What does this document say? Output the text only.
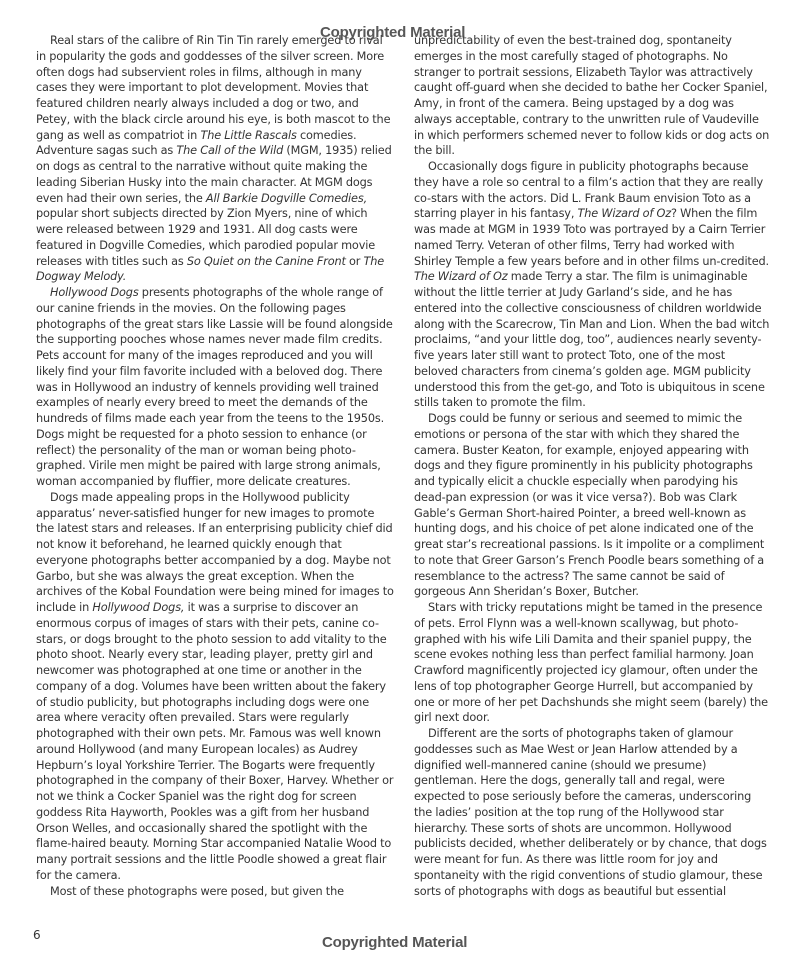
Real stars of the calibre of Rin Tin Tin rarely emerged to rival in popularity the gods and goddesses of the silver screen. More often dogs had subservient roles in films, although in many cases they were important to plot development. Movies that featured children nearly always included a dog or two, and Petey, with the black circle around his eye, is both mascot to the gang as well as compatriot in The Little Rascals comedies. Adventure sagas such as The Call of the Wild (MGM, 1935) relied on dogs as central to the narrative without quite making the leading Siberian Husky into the main character. At MGM dogs even had their own series, the All Barkie Dogville Comedies, popular short subjects directed by Zion Myers, nine of which were released between 1929 and 1931. All dog casts were featured in Dogville Comedies, which parodied popular movie releases with titles such as So Quiet on the Canine Front or The Dogway Melody.

Hollywood Dogs presents photographs of the whole range of our canine friends in the movies. On the following pages photographs of the great stars like Lassie will be found alongside the supporting pooches whose names never made film credits. Pets account for many of the images reproduced and you will likely find your film favorite included with a beloved dog. There was in Hollywood an industry of kennels providing well trained examples of nearly every breed to meet the demands of the hundreds of films made each year from the teens to the 1950s. Dogs might be requested for a photo session to enhance (or reflect) the personality of the man or woman being photo-graphed. Virile men might be paired with large strong animals, woman accompanied by fluffier, more delicate creatures.

Dogs made appealing props in the Hollywood publicity apparatus’ never-satisfied hunger for new images to promote the latest stars and releases. If an enterprising publicity chief did not know it beforehand, he learned quickly enough that everyone photographs better accompanied by a dog. Maybe not Garbo, but she was always the great exception. When the archives of the Kobal Foundation were being mined for images to include in Hollywood Dogs, it was a surprise to discover an enormous corpus of images of stars with their pets, canine co-stars, or dogs brought to the photo session to add vitality to the photo shoot. Nearly every star, leading player, pretty girl and newcomer was photographed at one time or another in the company of a dog. Volumes have been written about the fakery of studio publicity, but photographs including dogs were one area where veracity often prevailed. Stars were regularly photographed with their own pets. Mr. Famous was well known around Hollywood (and many European locales) as Audrey Hepburn’s loyal Yorkshire Terrier. The Bogarts were frequently photographed in the company of their Boxer, Harvey. Whether or not we think a Cocker Spaniel was the right dog for screen goddess Rita Hayworth, Pookles was a gift from her husband Orson Welles, and occasionally shared the spotlight with the flame-haired beauty. Morning Star accompanied Natalie Wood to many portrait sessions and the little Poodle showed a great flair for the camera.

Most of these photographs were posed, but given the

unpredictability of even the best-trained dog, spontaneity emerges in the most carefully staged of photographs. No stranger to portrait sessions, Elizabeth Taylor was attractively caught off-guard when she decided to bathe her Cocker Spaniel, Amy, in front of the camera. Being upstaged by a dog was always acceptable, contrary to the unwritten rule of Vaudeville in which performers schemed never to follow kids or dog acts on the bill.

Occasionally dogs figure in publicity photographs because they have a role so central to a film’s action that they are really co-stars with the actors. Did L. Frank Baum envision Toto as a starring player in his fantasy, The Wizard of Oz? When the film was made at MGM in 1939 Toto was portrayed by a Cairn Terrier named Terry. Veteran of other films, Terry had worked with Shirley Temple a few years before and in other films un-credited. The Wizard of Oz made Terry a star. The film is unimaginable without the little terrier at Judy Garland’s side, and he has entered into the collective consciousness of children worldwide along with the Scarecrow, Tin Man and Lion. When the bad witch proclaims, “and your little dog, too”, audiences nearly seventy-five years later still want to protect Toto, one of the most beloved characters from cinema’s golden age. MGM publicity understood this from the get-go, and Toto is ubiquitous in scene stills taken to promote the film.

Dogs could be funny or serious and seemed to mimic the emotions or persona of the star with which they shared the camera. Buster Keaton, for example, enjoyed appearing with dogs and they figure prominently in his publicity photographs and typically elicit a chuckle especially when parodying his dead-pan expression (or was it vice versa?). Bob was Clark Gable’s German Short-haired Pointer, a breed well-known as hunting dogs, and his choice of pet alone indicated one of the great star’s recreational passions. Is it impolite or a compliment to note that Greer Garson’s French Poodle bears something of a resemblance to the actress? The same cannot be said of gorgeous Ann Sheridan’s Boxer, Butcher.

Stars with tricky reputations might be tamed in the presence of pets. Errol Flynn was a well-known scallywag, but photo-graphed with his wife Lili Damita and their spaniel puppy, the scene evokes nothing less than perfect familial harmony. Joan Crawford magnificently projected icy glamour, often under the lens of top photographer George Hurrell, but accompanied by one or more of her pet Dachshunds she might seem (barely) the girl next door.

Different are the sorts of photographs taken of glamour goddesses such as Mae West or Jean Harlow attended by a dignified well-mannered canine (should we presume) gentleman. Here the dogs, generally tall and regal, were expected to pose seriously before the cameras, underscoring the ladies’ position at the top rung of the Hollywood star hierarchy. These sorts of shots are uncommon. Hollywood publicists decided, whether deliberately or by chance, that dogs were meant for fun. As there was little room for joy and spontaneity with the rigid conventions of studio glamour, these sorts of photographs with dogs as beautiful but essential

Copyrighted Material
6	Copyrighted Material
